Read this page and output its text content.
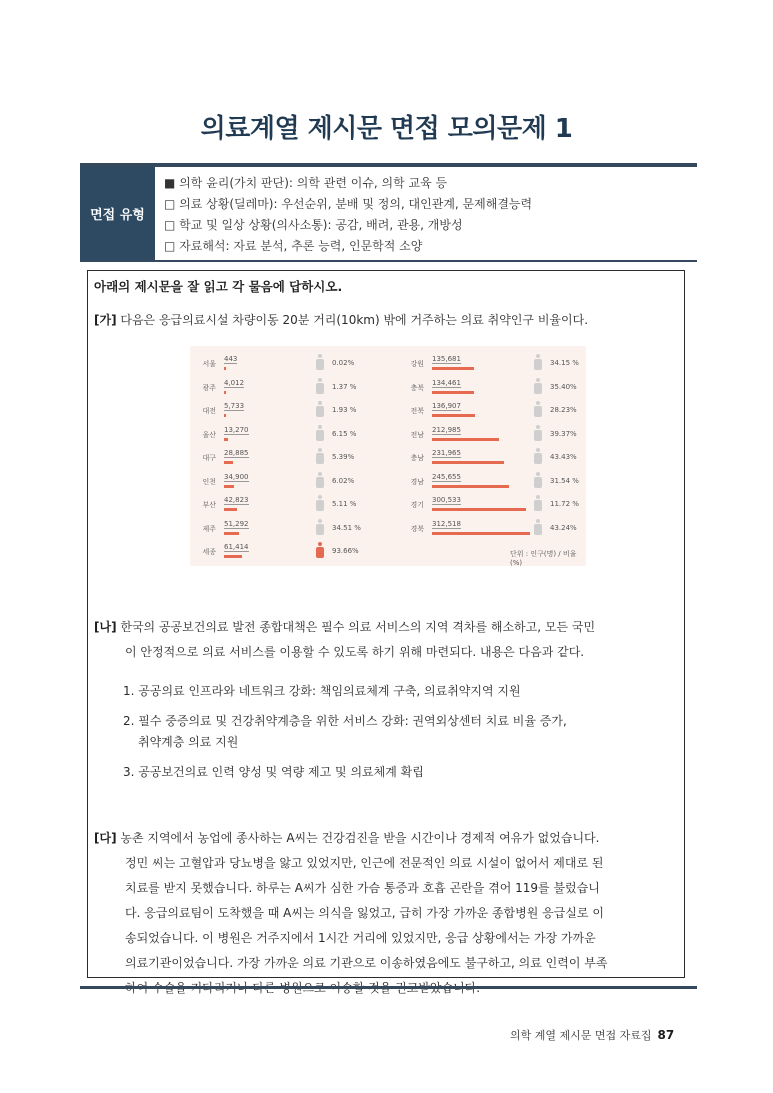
의료계열 제시문 면접 모의문제 1
면접 유형
■ 의학 윤리(가치 판단): 의학 관련 이슈, 의학 교육 등
□ 의료 상황(딜레마): 우선순위, 분배 및 정의, 대인관계, 문제해결능력
□ 학교 및 일상 상황(의사소통): 공감, 배려, 관용, 개방성
□ 자료해석: 자료 분석, 추론 능력, 인문학적 소양
아래의 제시문을 잘 읽고 각 물음에 답하시오.
[가] 다음은 응급의료시설 차량이동 20분 거리(10km) 밖에 거주하는 의료 취약인구 비율이다.
단위 : 인구(명) / 비율(%)
서울
443	0.02%
광주
4,012	1.37 %
대전
5,733	1.93 %
울산
13,270	6.15 %
대구
28,885	5.39%
인천
34,900	6.02%
부산
42,823	5.11 %
제주
51,292	34.51 %
세종
61,414	93.66%
강원
135,681	34.15 %
충북
134,461	35.40%
전북
136,907	28.23%
전남
212,985	39.37%
충남
231,965	43.43%
경남
245,655	31.54 %
경기
300,533	11.72 %
경북
312,518	43.24%
[나] 한국의 공공보건의료 발전 종합대책은 필수 의료 서비스의 지역 격차를 해소하고, 모든 국민
이 안정적으로 의료 서비스를 이용할 수 있도록 하기 위해 마련되다. 내용은 다음과 같다.
1. 공공의료 인프라와 네트워크 강화: 책임의료체계 구축, 의료취약지역 지원
2. 필수 중증의료 및 건강취약계층을 위한 서비스 강화: 권역외상센터 치료 비율 증가,
취약계층 의료 지원
3. 공공보건의료 인력 양성 및 역량 제고 및 의료체계 확립
[다] 농촌 지역에서 농업에 종사하는 A씨는 건강검진을 받을 시간이나 경제적 여유가 없었습니다.
정민 씨는 고혈압과 당뇨병을 앓고 있었지만, 인근에 전문적인 의료 시설이 없어서 제대로 된
치료를 받지 못했습니다. 하루는 A씨가 심한 가슴 통증과 호흡 곤란을 겪어 119를 불렀습니
다. 응급의료팀이 도착했을 때 A씨는 의식을 잃었고, 급히 가장 가까운 종합병원 응급실로 이
송되었습니다. 이 병원은 거주지에서 1시간 거리에 있었지만, 응급 상황에서는 가장 가까운
의료기관이었습니다. 가장 가까운 의료 기관으로 이송하였음에도 불구하고, 의료 인력이 부족
의학 계열 제시문 면접 자료집 87
